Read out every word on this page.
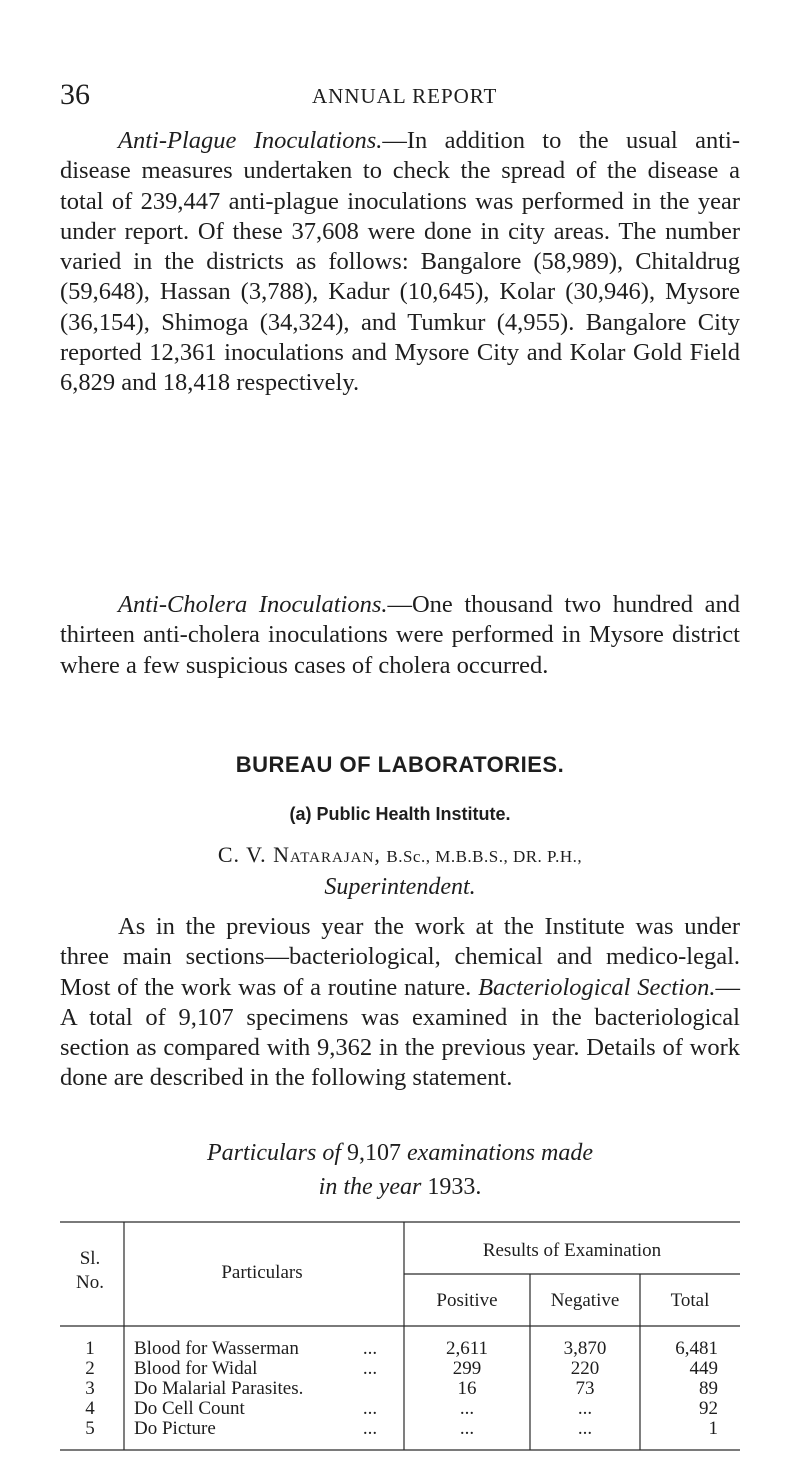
36	ANNUAL REPORT
Anti-Plague Inoculations.—In addition to the usual anti-disease measures undertaken to check the spread of the disease a total of 239,447 anti-plague inoculations was performed in the year under report. Of these 37,608 were done in city areas. The number varied in the districts as follows: Bangalore (58,989), Chitaldrug (59,648), Hassan (3,788), Kadur (10,645), Kolar (30,946), Mysore (36,154), Shimoga (34,324), and Tumkur (4,955). Bangalore City reported 12,361 inoculations and Mysore City and Kolar Gold Field 6,829 and 18,418 respectively.
Anti-Cholera Inoculations.—One thousand two hundred and thirteen anti-cholera inoculations were performed in Mysore district where a few suspicious cases of cholera occurred.
BUREAU OF LABORATORIES.
(a) Public Health Institute.
C. V. Natarajan, B.Sc., M.B.B.S., DR. P.H.,
Superintendent.
As in the previous year the work at the Institute was under three main sections—bacteriological, chemical and medico-legal. Most of the work was of a routine nature. Bacteriological Section.—A total of 9,107 specimens was examined in the bacteriological section as compared with 9,362 in the previous year. Details of work done are described in the following statement.
Particulars of 9,107 examinations made
in the year 1933.
Sl.
No.	Particulars
Results of Examination
Positive	Negative	Total
1 Blood for Wasserman	...	2,611	3,870	6,481
2 Blood for Widal	...	299	220	449
3 Do Malarial Parasites.	16	73	89
4 Do Cell Count	...	...	...	92
5 Do Picture	...	...	...	1
